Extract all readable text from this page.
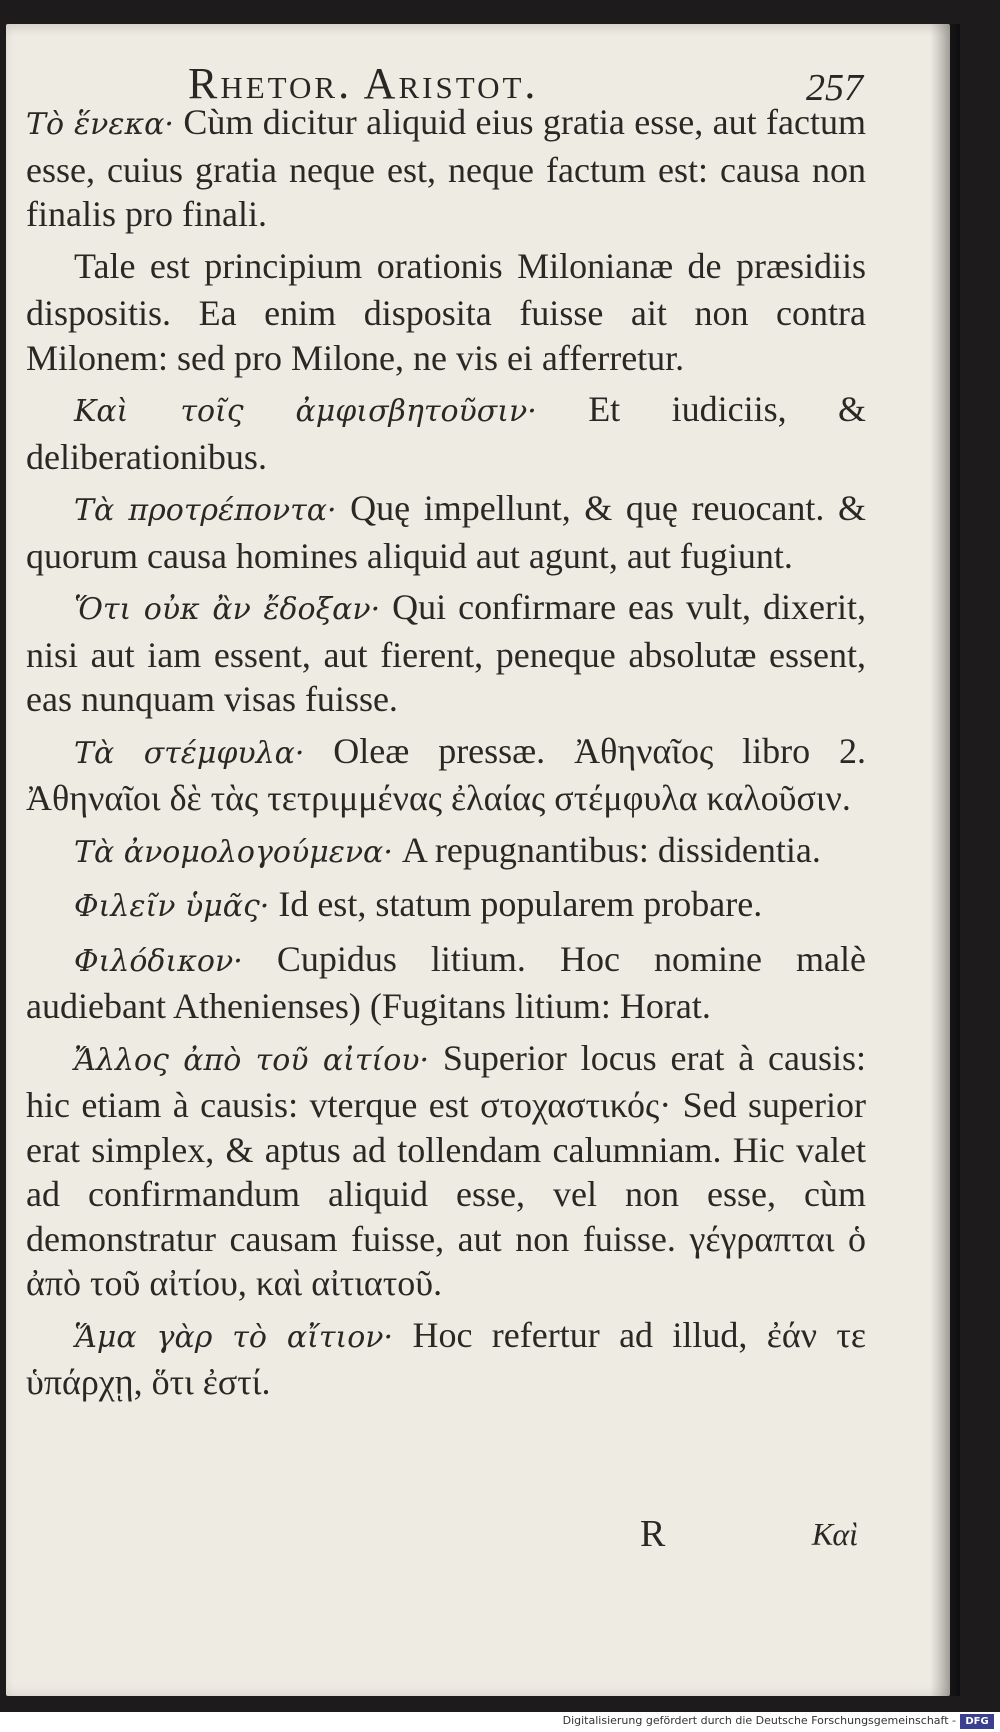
Rhetor. Aristot.	257

Τὸ ἕνεκα· Cùm dicitur aliquid eius gratia esse, aut factum esse, cuius gratia neque est, neque factum est: causa non finalis pro finali.

Tale est principium orationis Milonianæ de præsidiis dispositis. Ea enim disposita fuisse ait non contra Milonem: sed pro Milone, ne vis ei afferretur.

Καὶ τοῖς ἀμφισβητοῦσιν· Et iudiciis, & deliberationibus.

Τὰ προτρέποντα· Quę impellunt, & quę reuocant. & quorum causa homines aliquid aut agunt, aut fugiunt.

Ὅτι οὐκ ἂν ἔδοξαν· Qui confirmare eas vult, dixerit, nisi aut iam essent, aut fierent, peneque absolutæ essent, eas nunquam visas fuisse.

Τὰ στέμφυλα· Oleæ pressæ. Ἀθηναῖος libro 2. Ἀθηναῖοι δὲ τὰς τετριμμένας ἐλαίας στέμφυλα καλοῦσιν.

Τὰ ἀνομολογούμενα· A repugnantibus: dissidentia.

Φιλεῖν ὑμᾶς· Id est, statum popularem probare.

Φιλόδικον· Cupidus litium. Hoc nomine malè audiebant Athenienses) (Fugitans litium: Horat.

Ἄλλος ἀπὸ τοῦ αἰτίου· Superior locus erat à causis: hic etiam à causis: vterque est στοχαστικός· Sed superior erat simplex, & aptus ad tollendam calumniam. Hic valet ad confirmandum aliquid esse, vel non esse, cùm demonstratur causam fuisse, aut non fuisse. γέγραπται ὁ ἀπὸ τοῦ αἰτίου, καὶ αἰτιατοῦ.

Ἅμα γὰρ τὸ αἴτιον· Hoc refertur ad illud, ἐάν τε ὑπάρχῃ, ὅτι ἐστί.

R	Καὶ
Digitalisierung gefördert durch die Deutsche Forschungsgemeinschaft - DFG
